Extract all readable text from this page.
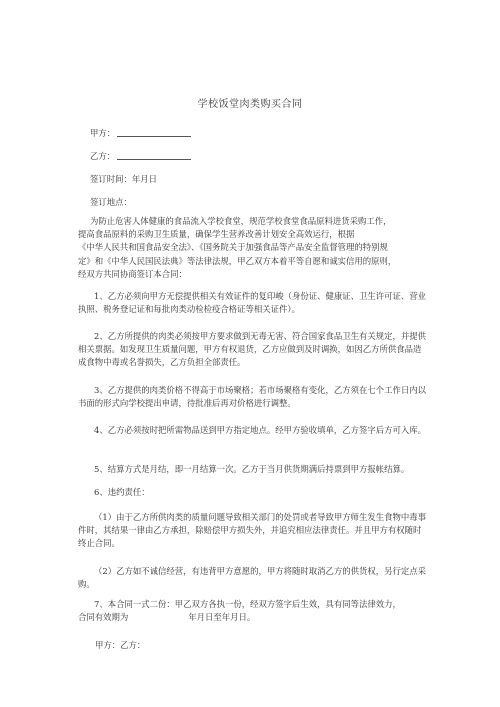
学校饭堂肉类购买合同
甲方：
乙方：
签订时间：年月日
签订地点：

为防止危害人体健康的食品流入学校食堂，规范学校食堂食品原料进货采购工作，

提高食品原料的采购卫生质量，确保学生营养改善计划安全高效运行，根据

《中华人民共和国食品安全法》、《国务院关于加强食品等产品安全监督管理的特别规

定》和《中华人民国民法典》等法律法规，甲乙双方本着平等自愿和诚实信用的原则，

经双方共同协商签订本合同：

1、乙方必须向甲方无偿提供相关有效证件的复印峻（身份证、健康证、卫生许可证、营业执照、税务登记证和每批肉类动检检疫合格证等相关证件）。

2、乙方所提供的肉类必须按甲方要求做到无毒无害、符合国家食品卫生有关规定，并提供相关票据。如发现卫生质量问题，甲方有权退货，乙方应做到及时调换，如因乙方所供食品造成食物中毒或名誉损失，乙方负担全部责任。

3、乙方提供的肉类价格不得高于市场聚格；若市场聚格有变化，乙方须在七个工作日内以书面的形式向学校提出申请，待批准后再对价格进行调整。

4、乙方必须按时把所需物品送到甲方指定地点。经甲方验收填单，乙方签字后方可入库。

5、结算方式是月结，即一月结算一次。乙方于当月供货期满后持票到甲方报帐结算。

6、违约责任：

（1）由于乙方所供肉类的质量问题导致相关部门的处罚或者导致甲方师生发生食物中毒事件时，其结果一律由乙方承担，除赔偿甲方损失外，并追究相应法律责任。并且甲方有权随时终止合同。

（2）乙方如不诚信经营，有违背甲方意愿的，甲方将随时取消乙方的供货权，另行定点采购。

7、本合同一式二份：甲乙双方各执一份，经双方签字后生效，具有同等法律效力，

合同有效期为	年月日至年月日。

甲方：乙方：
